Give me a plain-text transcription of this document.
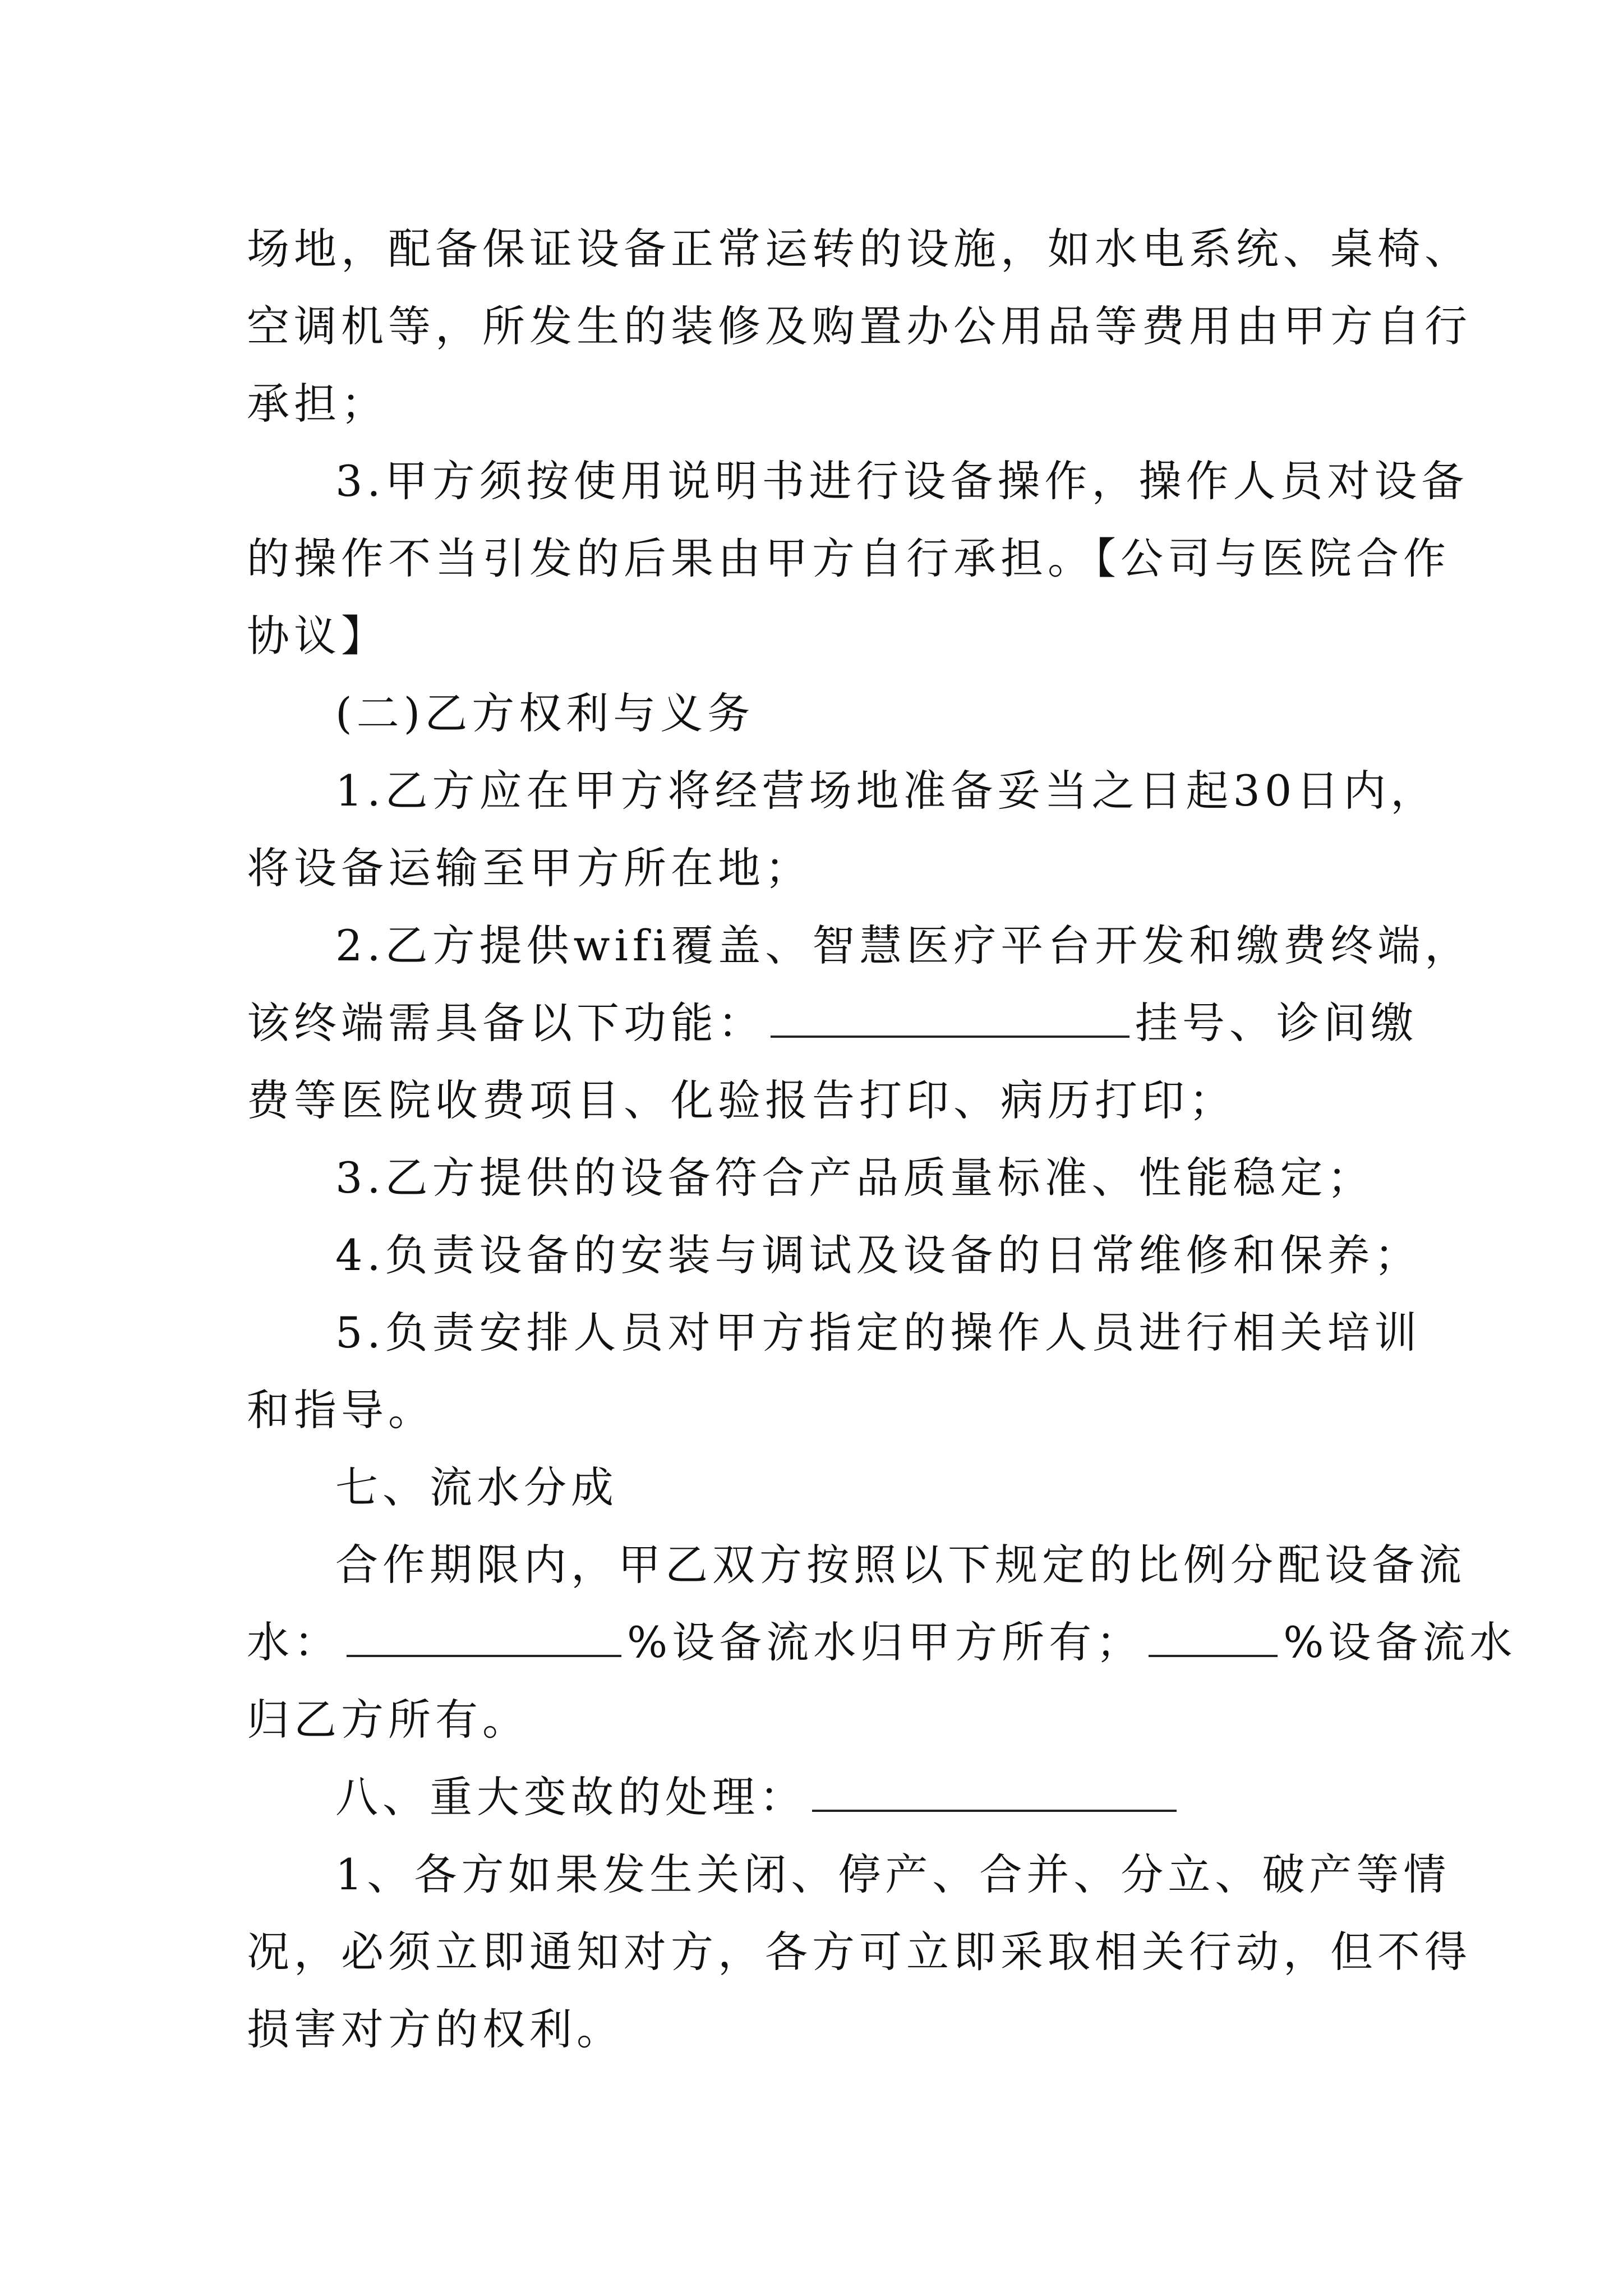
场地，配备保证设备正常运转的设施，如水电系统、桌椅、
空调机等，所发生的装修及购置办公用品等费用由甲方自行
承担；
3.甲方须按使用说明书进行设备操作，操作人员对设备
的操作不当引发的后果由甲方自行承担。【公司与医院合作
协议】
(二)乙方权利与义务
1.乙方应在甲方将经营场地准备妥当之日起30日内，
将设备运输至甲方所在地；
2.乙方提供wifi覆盖、智慧医疗平台开发和缴费终端，
该终端需具备以下功能：	挂号、诊间缴
费等医院收费项目、化验报告打印、病历打印；
3.乙方提供的设备符合产品质量标准、性能稳定；
4.负责设备的安装与调试及设备的日常维修和保养；
5.负责安排人员对甲方指定的操作人员进行相关培训
和指导。
七、流水分成
合作期限内，甲乙双方按照以下规定的比例分配设备流
水：	%设备流水归甲方所有；	%设备流水
归乙方所有。
八、重大变故的处理：
1、各方如果发生关闭、停产、合并、分立、破产等情
况，必须立即通知对方，各方可立即采取相关行动，但不得
损害对方的权利。
